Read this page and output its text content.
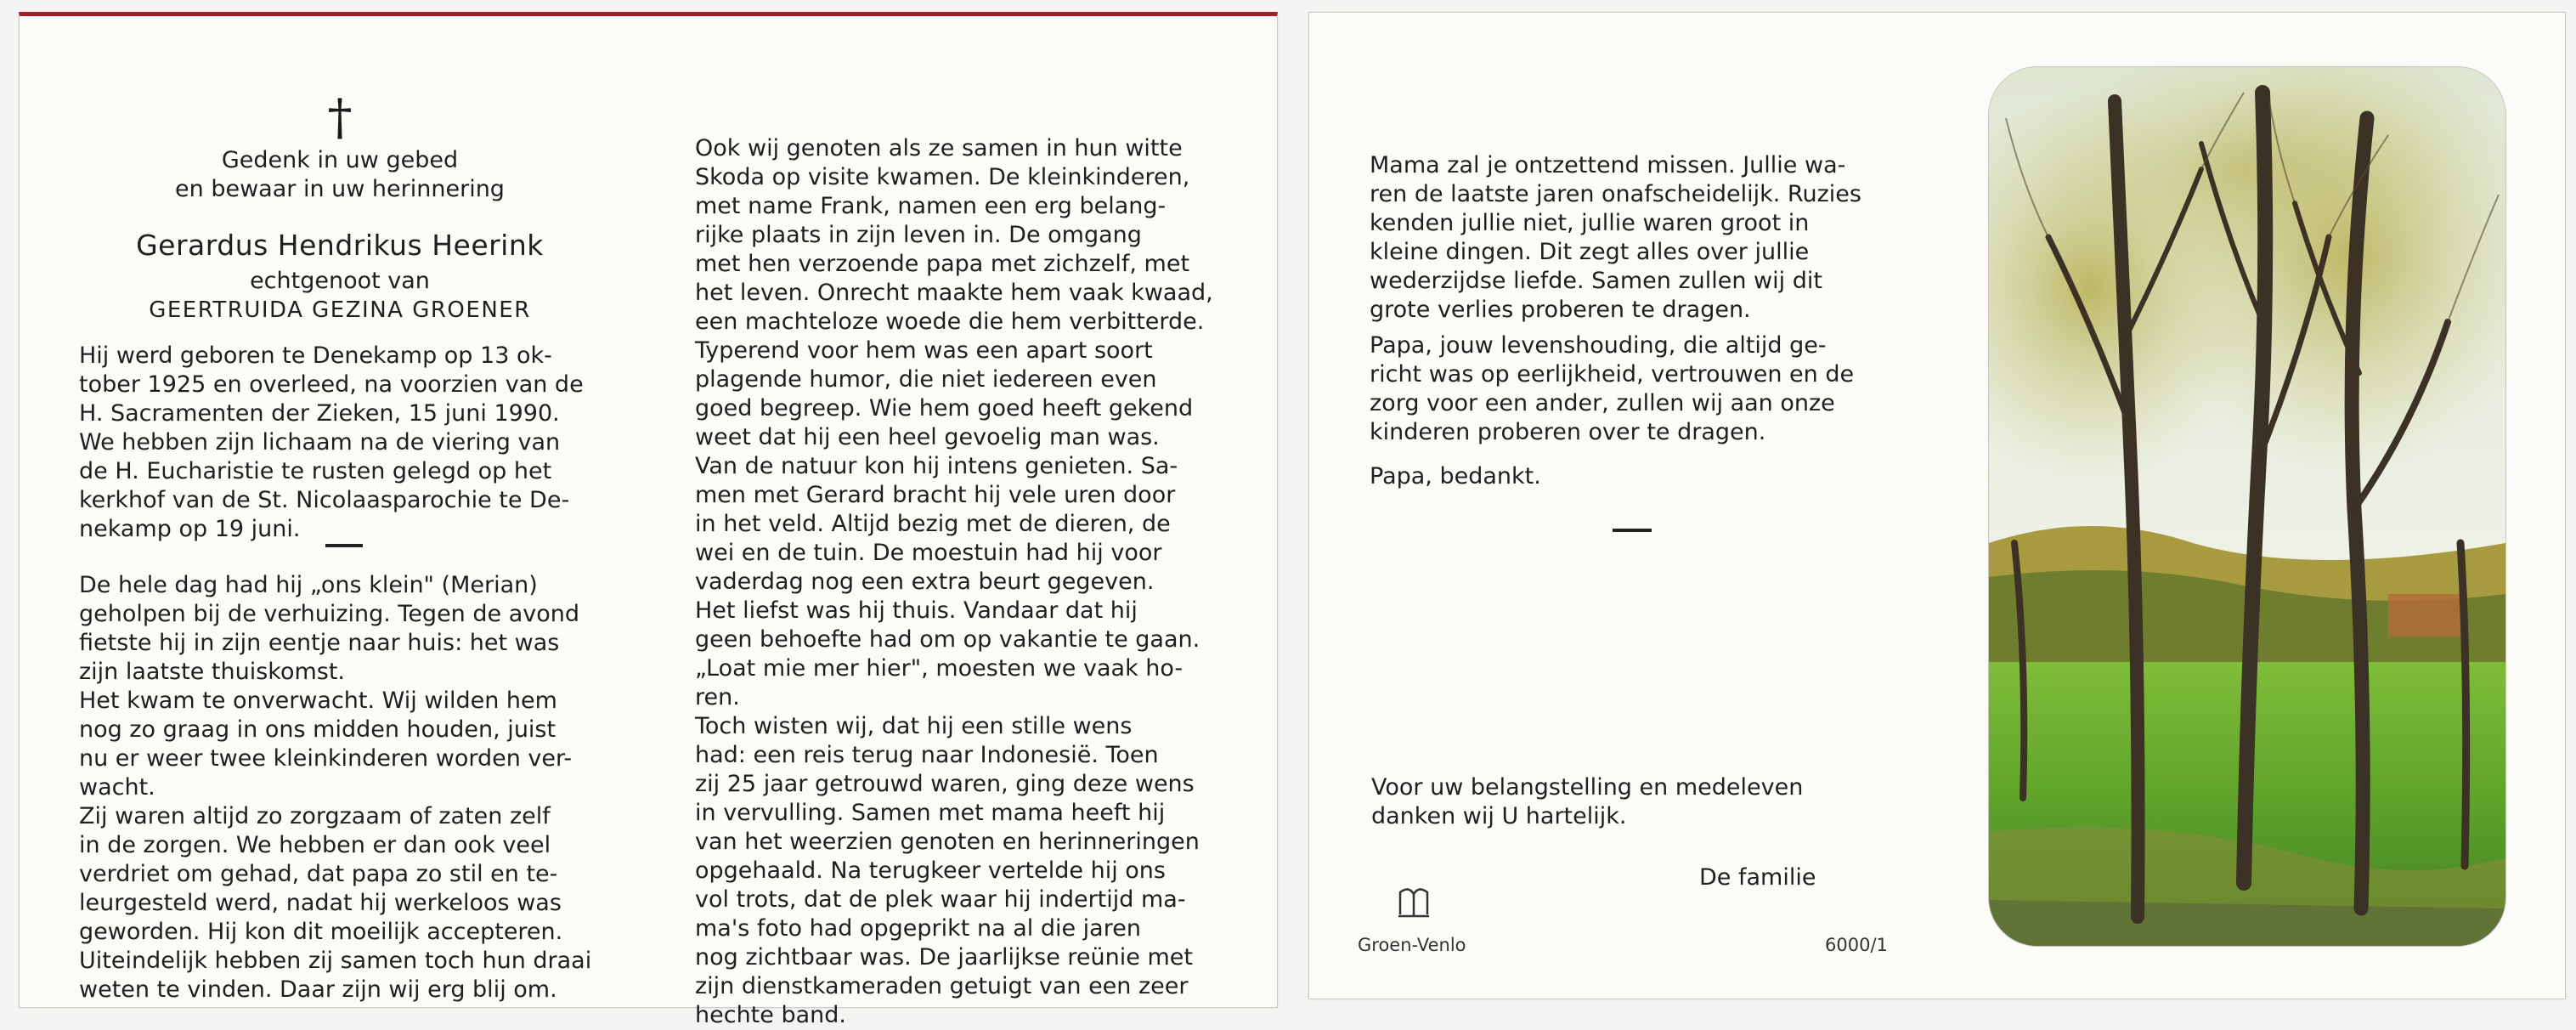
†
Gedenk in uw gebed
en bewaar in uw herinnering
Gerardus Hendrikus Heerink
echtgenoot van
GEERTRUIDA GEZINA GROENER
Hij werd geboren te Denekamp op 13 ok-
tober 1925 en overleed, na voorzien van de
H. Sacramenten der Zieken, 15 juni 1990.
We hebben zijn lichaam na de viering van
de H. Eucharistie te rusten gelegd op het
kerkhof van de St. Nicolaasparochie te De-
nekamp op 19 juni.
De hele dag had hij „ons klein" (Merian)
geholpen bij de verhuizing. Tegen de avond
fietste hij in zijn eentje naar huis: het was
zijn laatste thuiskomst.
Het kwam te onverwacht. Wij wilden hem
nog zo graag in ons midden houden, juist
nu er weer twee kleinkinderen worden ver-
wacht.
Zij waren altijd zo zorgzaam of zaten zelf
in de zorgen. We hebben er dan ook veel
verdriet om gehad, dat papa zo stil en te-
leurgesteld werd, nadat hij werkeloos was
geworden. Hij kon dit moeilijk accepteren.
Uiteindelijk hebben zij samen toch hun draai
weten te vinden. Daar zijn wij erg blij om.
Ook wij genoten als ze samen in hun witte
Skoda op visite kwamen. De kleinkinderen,
met name Frank, namen een erg belang-
rijke plaats in zijn leven in. De omgang
met hen verzoende papa met zichzelf, met
het leven. Onrecht maakte hem vaak kwaad,
een machteloze woede die hem verbitterde.
Typerend voor hem was een apart soort
plagende humor, die niet iedereen even
goed begreep. Wie hem goed heeft gekend
weet dat hij een heel gevoelig man was.
Van de natuur kon hij intens genieten. Sa-
men met Gerard bracht hij vele uren door
in het veld. Altijd bezig met de dieren, de
wei en de tuin. De moestuin had hij voor
vaderdag nog een extra beurt gegeven.
Het liefst was hij thuis. Vandaar dat hij
geen behoefte had om op vakantie te gaan.
„Loat mie mer hier", moesten we vaak ho-
ren.
Toch wisten wij, dat hij een stille wens
had: een reis terug naar Indonesië. Toen
zij 25 jaar getrouwd waren, ging deze wens
in vervulling. Samen met mama heeft hij
van het weerzien genoten en herinneringen
opgehaald. Na terugkeer vertelde hij ons
vol trots, dat de plek waar hij indertijd ma-
ma's foto had opgeprikt na al die jaren
nog zichtbaar was. De jaarlijkse reünie met
zijn dienstkameraden getuigt van een zeer
hechte band.
Mama zal je ontzettend missen. Jullie wa-
ren de laatste jaren onafscheidelijk. Ruzies
kenden jullie niet, jullie waren groot in
kleine dingen. Dit zegt alles over jullie
wederzijdse liefde. Samen zullen wij dit
grote verlies proberen te dragen.
Papa, jouw levenshouding, die altijd ge-
richt was op eerlijkheid, vertrouwen en de
zorg voor een ander, zullen wij aan onze
kinderen proberen over te dragen.
Papa, bedankt.
Voor uw belangstelling en medeleven
danken wij U hartelijk.
De familie
Groen-Venlo	6000/1
